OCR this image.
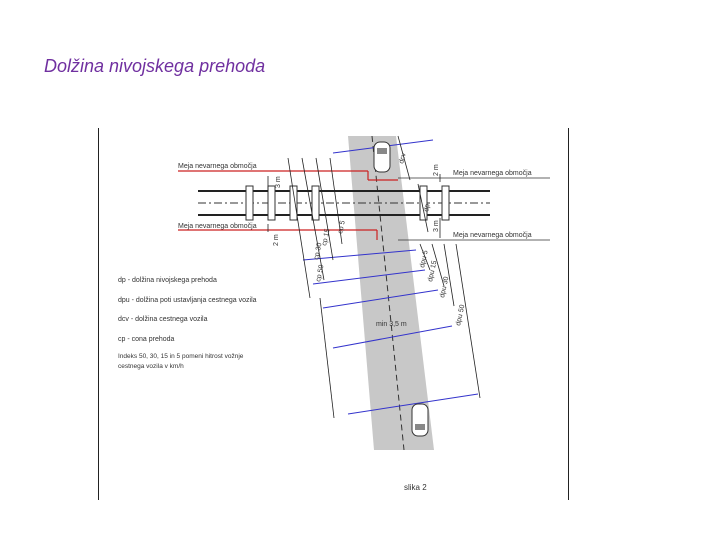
Dolžina nivojskega prehoda
Meja nevarnega območja
Meja nevarnega območja
Meja nevarnega območja
Meja nevarnega območja
3 m
2 m
2 m
3 m
dcv
dp
cp 50
cp 30
cp 15
cp 5
dpu 5
dpu 15
dpu 30
dpu 50
min 3,5 m
dp - dolžina nivojskega prehoda
dpu - dolžina poti ustavljanja cestnega vozila
dcv - dolžina cestnega vozila
cp - cona prehoda
Indeks 50, 30, 15 in 5 pomeni hitrost vožnje
cestnega vozila v km/h
slika 2
